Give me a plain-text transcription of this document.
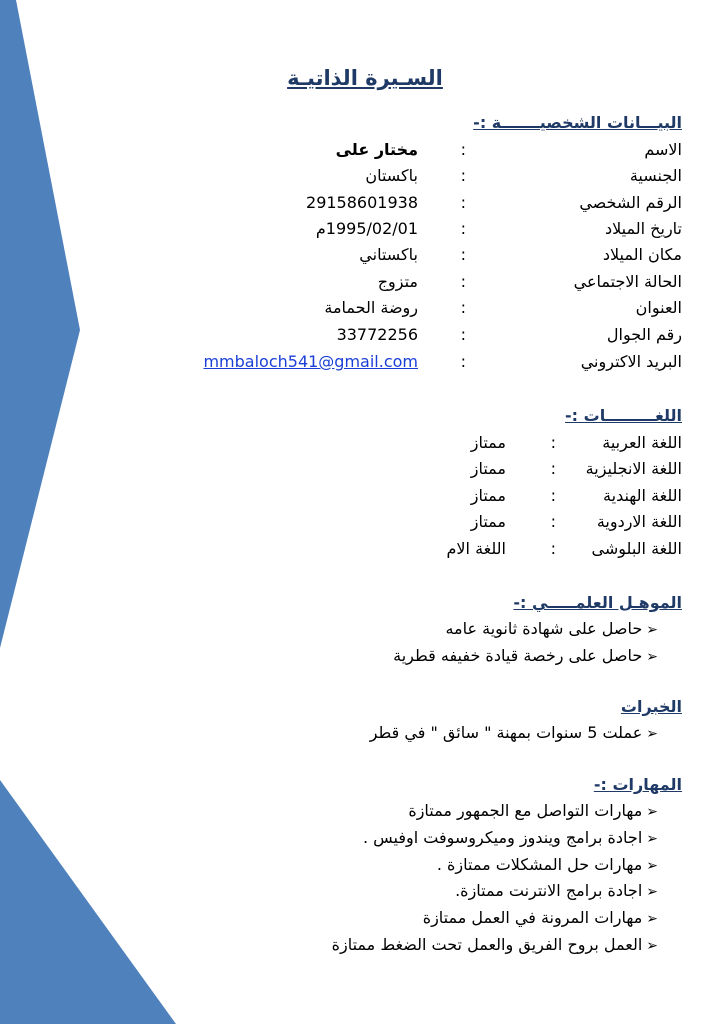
السـيرة الذاتيـة
البيـــانات الشخصيـــــــة :-
الاسم
:
مختار على
الجنسية
:
باكستان
الرقم الشخصي
:
29158601938
تاريخ الميلاد
:
1995/02/01م
مكان الميلاد
:
باكستاني
الحالة الاجتماعي
:
متزوج
العنوان
:
روضة الحمامة
رقم الجوال
:
33772256
البريد الاكتروني
:
mmbaloch541@gmail.com
اللغـــــــــات :-
اللغة العربية
:
ممتاز
اللغة الانجليزية
:
ممتاز
اللغة الهندية
:
ممتاز
اللغة الاردوية
:
ممتاز
اللغة البلوشى
:
اللغة الام
الموهـل العلمـــــي :-
➢حاصل على شهادة ثانوية عامه
➢حاصل على رخصة قيادة خفيفه قطرية
الخبرات
➢عملت 5 سنوات بمهنة " سائق " في قطر
المهارات :-
➢مهارات التواصل مع الجمهور ممتازة
➢اجادة برامج ويندوز وميكروسوفت اوفيس .
➢مهارات حل المشكلات ممتازة .
➢اجادة برامج الانترنت ممتازة.
➢مهارات المرونة في العمل ممتازة
➢العمل بروح الفريق والعمل تحت الضغط ممتازة
